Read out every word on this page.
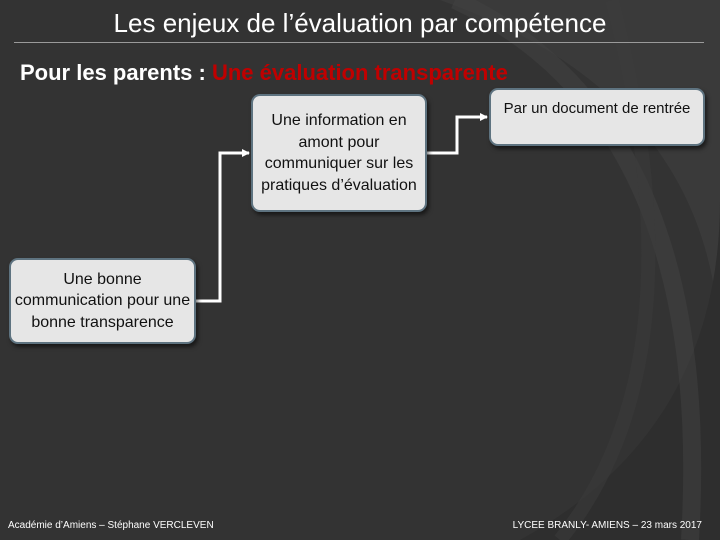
Les enjeux de l’évaluation par compétence
Pour les parents : Une évaluation transparente
Une bonne communication pour une bonne transparence
Une information en amont pour communiquer sur les pratiques d’évaluation
Par un document de rentrée
Académie d’Amiens – Stéphane VERCLEVEN	LYCEE BRANLY- AMIENS – 23 mars 2017
